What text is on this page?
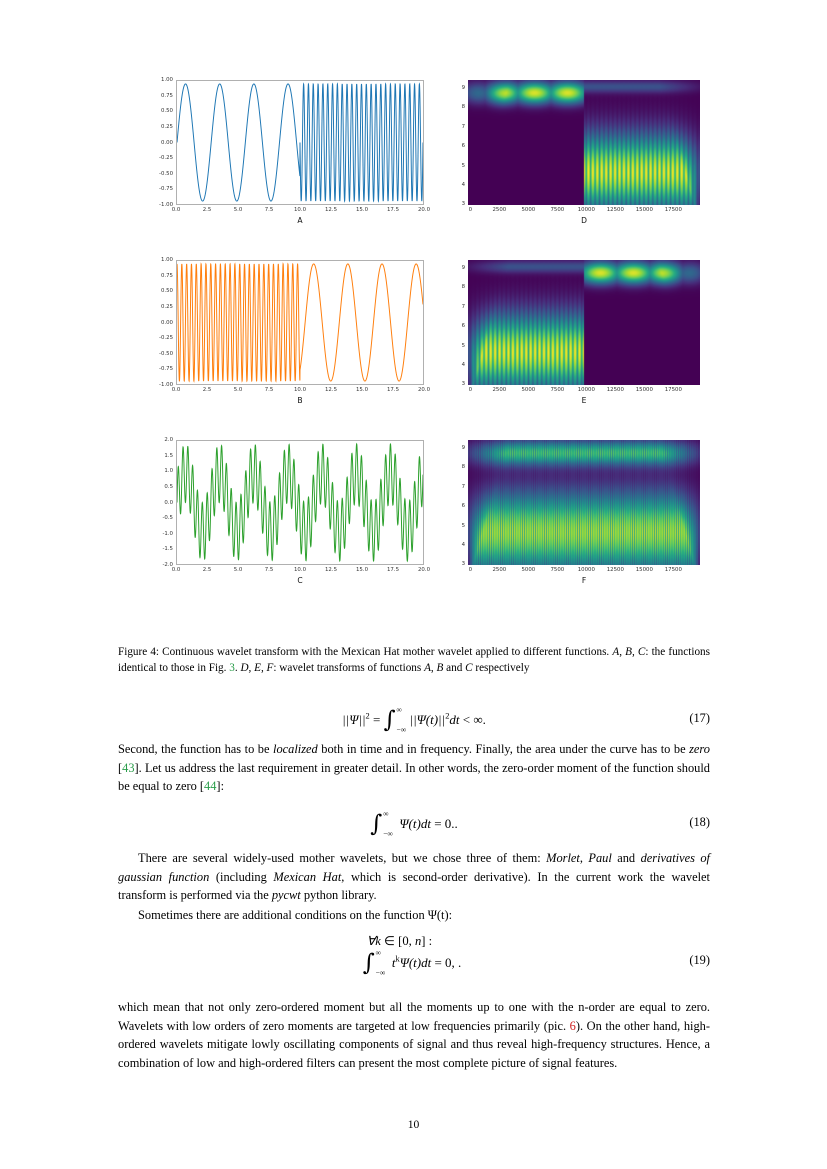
1.00
0.75
0.50
0.25
0.00
-0.25
-0.50
-0.75
-1.00
0.0	2.5	5.0	7.5	10.0	12.5	15.0	17.5	20.0
A
9
8
7
6
5
4
3
0	2500	5000	7500	10000 12500 15000 17500
D
1.00
0.75
0.50
0.25
0.00
-0.25
-0.50
-0.75
-1.00
0.0	2.5	5.0	7.5	10.0	12.5	15.0	17.5	20.0
B
9
8
7
6
5
4
3
0	2500	5000	7500	10000 12500 15000 17500
E
2.0
1.5
1.0
0.5
0.0
-0.5
-1.0
-1.5
-2.0
0.0	2.5	5.0	7.5	10.0	12.5	15.0	17.5	20.0
C
9
8
7
6
5
4
3
0	2500	5000	7500	10000 12500 15000 17500
F
Figure 4: Continuous wavelet transform with the Mexican Hat mother wavelet applied to different functions. A, B, C: the functions identical to those in Fig. 3. D, E, F: wavelet transforms of functions A, B and C respectively
$||\Psi||^2$ = ∫ ∞
−∞
$||\Psi(t)||^2dt$ < ∞.	(17)
Second, the function has to be localized both in time and in frequency. Finally, the area under the curve has to be zero [43]. Let us address the last requirement in greater detail. In other words, the zero-order moment of the function should be equal to zero [44]:
∫ ∞
−∞
Ψ(t)dt = 0..	(18)
There are several widely-used mother wavelets, but we chose three of them: Morlet, Paul and derivatives of gaussian function (including Mexican Hat, which is second-order derivative). In the current work the wavelet transform is performed via the pycwt python library.
Sometimes there are additional conditions on the function Ψ(t):
∀k ∈ [0, n] :
∫ ∞
−∞
$t^k\Psi(t)dt = 0$, .	(19)
which mean that not only zero-ordered moment but all the moments up to one with the n-order are equal to zero. Wavelets with low orders of zero moments are targeted at low frequencies primarily (pic. 6). On the other hand, high-ordered wavelets mitigate lowly oscillating components of signal and thus reveal high-frequency structures. Hence, a combination of low and high-ordered filters can present the most complete picture of signal features.
10
